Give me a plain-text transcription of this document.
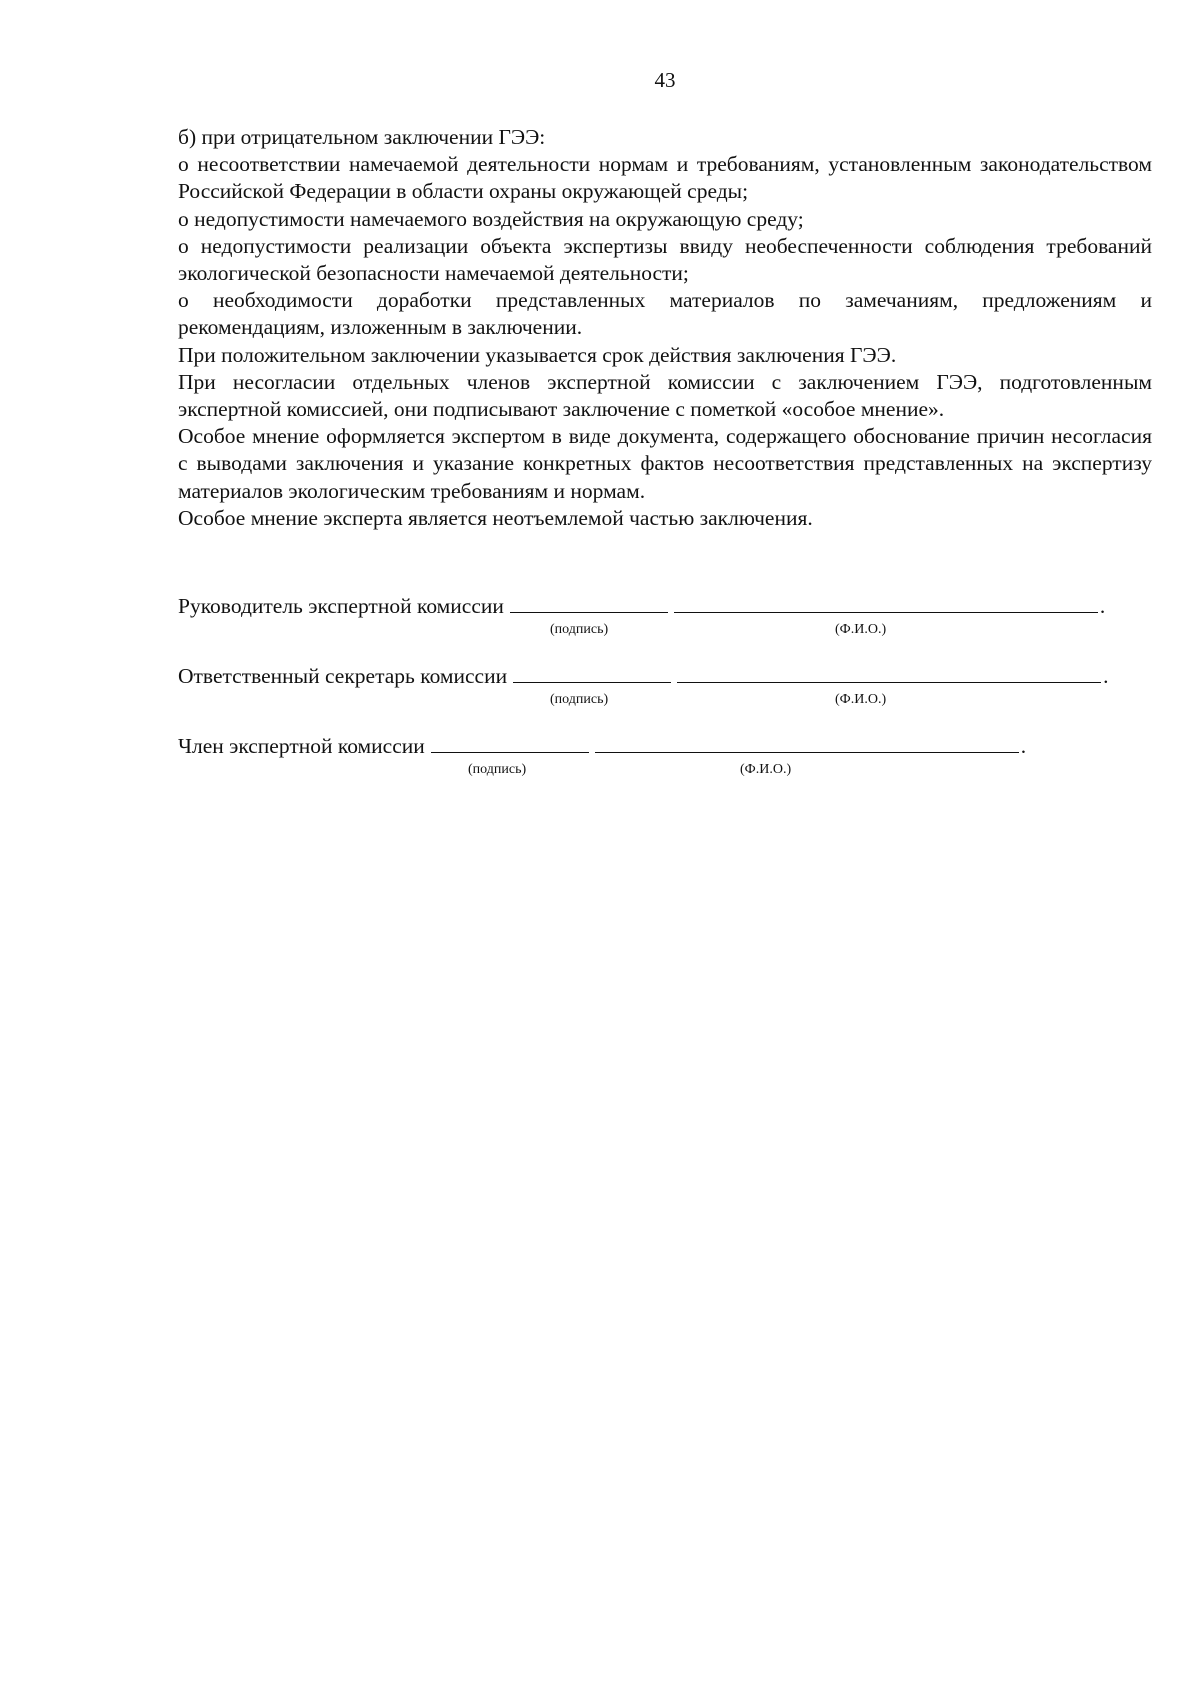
43

б) при отрицательном заключении ГЭЭ:

о несоответствии намечаемой деятельности нормам и требованиям, установленным законодательством Российской Федерации в области охраны окружающей среды;

о недопустимости намечаемого воздействия на окружающую среду;

о недопустимости реализации объекта экспертизы ввиду необеспеченности соблюдения требований экологической безопасности намечаемой деятельности;

о необходимости доработки представленных материалов по замечаниям, предложениям и рекомендациям, изложенным в заключении.

При положительном заключении указывается срок действия заключения ГЭЭ.

При несогласии отдельных членов экспертной комиссии с заключением ГЭЭ, подготовленным экспертной комиссией, они подписывают заключение с пометкой «особое мнение».

Особое мнение оформляется экспертом в виде документа, содержащего обоснование причин несогласия с выводами заключения и указание конкретных фактов несоответствия представленных на экспертизу материалов экологическим требованиям и нормам.

Особое мнение эксперта является неотъемлемой частью заключения.

Руководитель экспертной комиссии	.
(подпись)	(Ф.И.О.)
Ответственный секретарь комиссии	.
(подпись)	(Ф.И.О.)
Член экспертной комиссии	.
(подпись)	(Ф.И.О.)
